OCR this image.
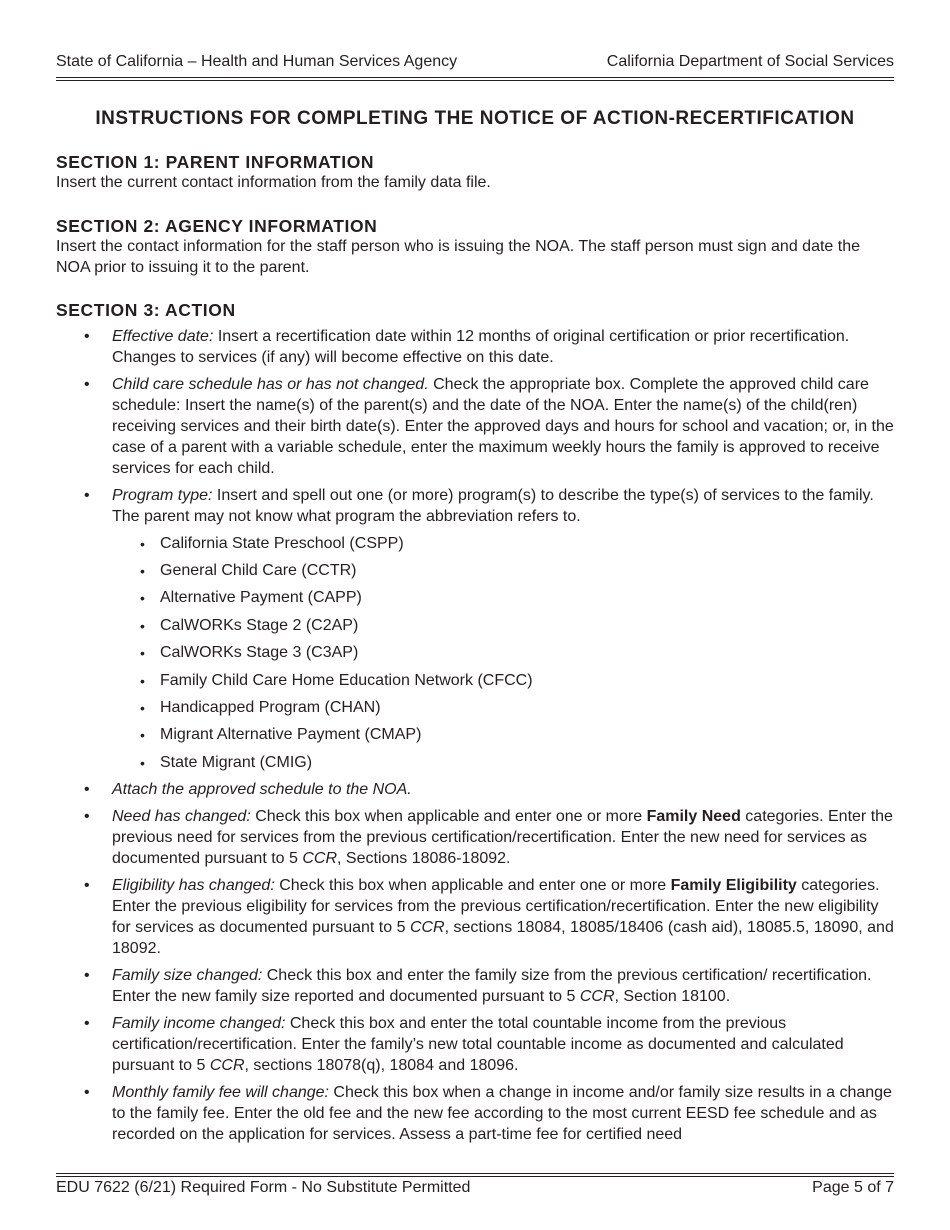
State of California – Health and Human Services Agency	California Department of Social Services
INSTRUCTIONS FOR COMPLETING THE NOTICE OF ACTION-RECERTIFICATION
SECTION 1: PARENT INFORMATION

Insert the current contact information from the family data file.

SECTION 2: AGENCY INFORMATION

Insert the contact information for the staff person who is issuing the NOA. The staff person must sign and date the NOA prior to issuing it to the parent.

SECTION 3: ACTION
• Effective date: Insert a recertification date within 12 months of original certification or prior recertification. Changes to services (if any) will become effective on this date.
• Child care schedule has or has not changed. Check the appropriate box. Complete the approved child care schedule: Insert the name(s) of the parent(s) and the date of the NOA. Enter the name(s) of the child(ren) receiving services and their birth date(s). Enter the approved days and hours for school and vacation; or, in the case of a parent with a variable schedule, enter the maximum weekly hours the family is approved to receive services for each child.
• Program type: Insert and spell out one (or more) program(s) to describe the type(s) of services to the family. The parent may not know what program the abbreviation refers to.
• California State Preschool (CSPP)
• General Child Care (CCTR)
• Alternative Payment (CAPP)
• CalWORKs Stage 2 (C2AP)
• CalWORKs Stage 3 (C3AP)
• Family Child Care Home Education Network (CFCC)
• Handicapped Program (CHAN)
• Migrant Alternative Payment (CMAP)
• State Migrant (CMIG)
• Attach the approved schedule to the NOA.
• Need has changed: Check this box when applicable and enter one or more Family Need categories. Enter the previous need for services from the previous certification/recertification. Enter the new need for services as documented pursuant to 5 CCR, Sections 18086-18092.
• Eligibility has changed: Check this box when applicable and enter one or more Family Eligibility categories. Enter the previous eligibility for services from the previous certification/recertification. Enter the new eligibility for services as documented pursuant to 5 CCR, sections 18084, 18085/18406 (cash aid), 18085.5, 18090, and 18092.
• Family size changed: Check this box and enter the family size from the previous certification/ recertification. Enter the new family size reported and documented pursuant to 5 CCR, Section 18100.
• Family income changed: Check this box and enter the total countable income from the previous certification/recertification. Enter the family’s new total countable income as documented and calculated pursuant to 5 CCR, sections 18078(q), 18084 and 18096.
• Monthly family fee will change: Check this box when a change in income and/or family size results in a change to the family fee. Enter the old fee and the new fee according to the most current EESD fee schedule and as recorded on the application for services. Assess a part-time fee for certified need
EDU 7622 (6/21) Required Form - No Substitute Permitted	Page 5 of 7
